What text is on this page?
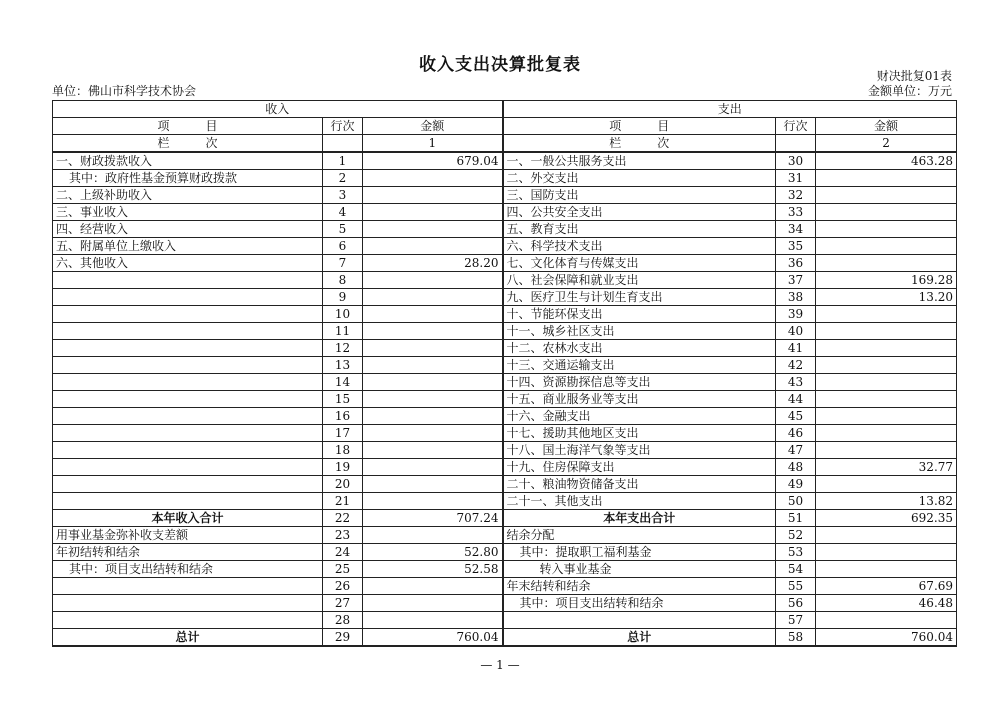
收入支出决算批复表
财决批复01表
单位：佛山市科学技术协会	金额单位：万元
收入			支出		
项　　　目	行次	金额	项　　　目	行次	金额
栏　　　次		1	栏　　　次		2
一、财政拨款收入	1	679.04	一、一般公共服务支出	30	463.28
其中：政府性基金预算财政拨款	2		二、外交支出	31	
二、上级补助收入	3		三、国防支出	32	
三、事业收入	4		四、公共安全支出	33	
四、经营收入	5		五、教育支出	34	
五、附属单位上缴收入	6		六、科学技术支出	35	
六、其他收入	7	28.20	七、文化体育与传媒支出	36	
	8		八、社会保障和就业支出	37	169.28
	9		九、医疗卫生与计划生育支出	38	13.20
	10		十、节能环保支出	39	
	11		十一、城乡社区支出	40	
	12		十二、农林水支出	41	
	13		十三、交通运输支出	42	
	14		十四、资源勘探信息等支出	43	
	15		十五、商业服务业等支出	44	
	16		十六、金融支出	45	
	17		十七、援助其他地区支出	46	
	18		十八、国土海洋气象等支出	47	
	19		十九、住房保障支出	48	32.77
	20		二十、粮油物资储备支出	49	
	21		二十一、其他支出	50	13.82
本年收入合计	22	707.24	本年支出合计	51	692.35
用事业基金弥补收支差额	23		结余分配	52	
年初结转和结余	24	52.80	其中：提取职工福利基金	53	
其中：项目支出结转和结余	25	52.58	转入事业基金	54	
	26		年末结转和结余	55	67.69
	27		其中：项目支出结转和结余	56	46.48
	28			57	
总计	29	760.04	总计	58	760.04
— 1 —
